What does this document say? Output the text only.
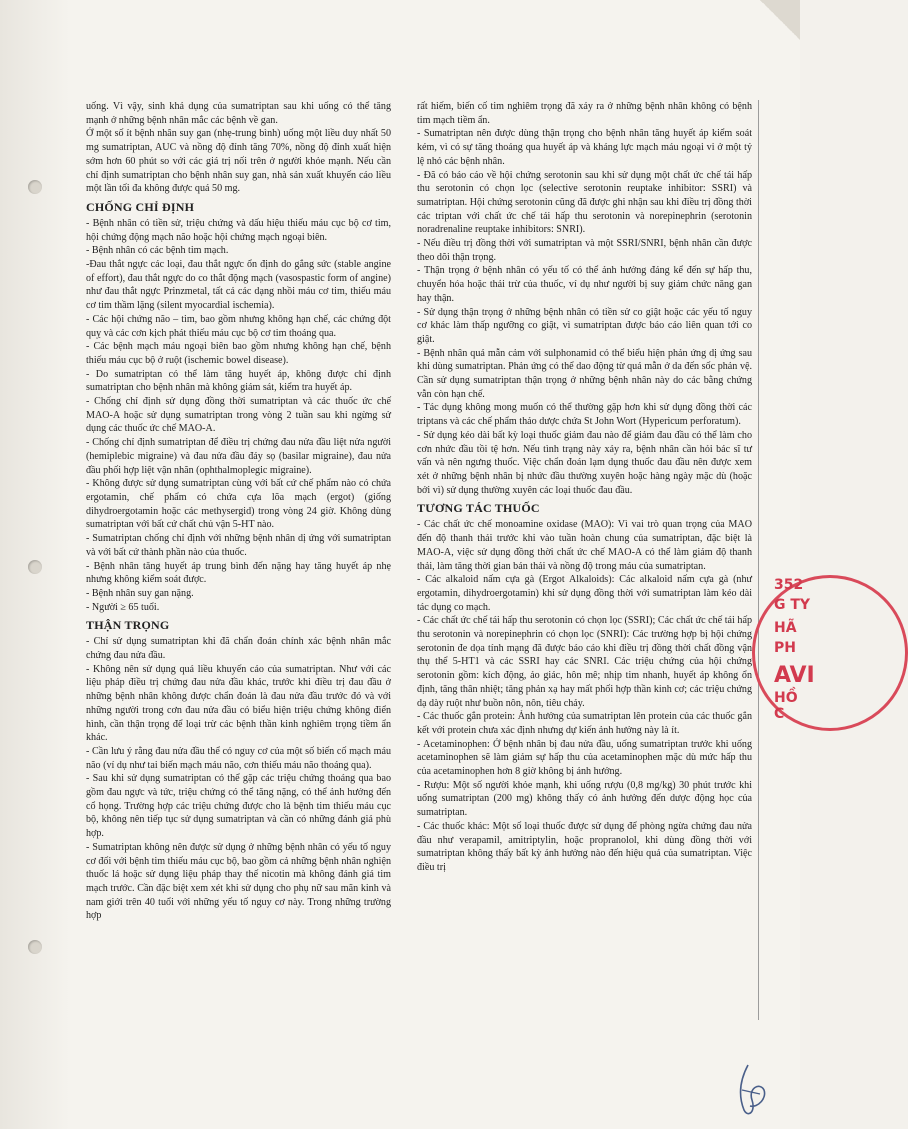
uống. Vì vậy, sinh khả dụng của sumatriptan sau khi uống có thể tăng mạnh ở những bệnh nhân mắc các bệnh về gan.

Ở một số ít bệnh nhân suy gan (nhẹ-trung bình) uống một liều duy nhất 50 mg sumatriptan, AUC và nồng độ đỉnh tăng 70%, nồng độ đỉnh xuất hiện sớm hơn 60 phút so với các giá trị nối trên ở người khỏe mạnh. Nếu cần chỉ định sumatriptan cho bệnh nhân suy gan, nhà sản xuất khuyến cáo liều một lần tối đa không được quá 50 mg.

CHỐNG CHỈ ĐỊNH

- Bệnh nhân có tiền sử, triệu chứng và dấu hiệu thiếu máu cục bộ cơ tim, hội chứng động mạch não hoặc hội chứng mạch ngoại biên.

- Bệnh nhân có các bệnh tim mạch.

-Đau thắt ngực các loại, đau thắt ngực ổn định do gắng sức (stable angine of effort), đau thắt ngực do co thắt động mạch (vasospastic form of angine) như đau thắt ngực Prinzmetal, tất cả các dạng nhồi máu cơ tim, thiếu máu cơ tim thầm lặng (silent myocardial ischemia).

- Các hội chứng não – tim, bao gồm nhưng không hạn chế, các chứng đột quỵ và các cơn kịch phát thiếu máu cục bộ cơ tim thoáng qua.

- Các bệnh mạch máu ngoại biên bao gồm nhưng không hạn chế, bệnh thiếu máu cục bộ ở ruột (ischemic bowel disease).

- Do sumatriptan có thể làm tăng huyết áp, không được chỉ định sumatriptan cho bệnh nhân mà không giám sát, kiểm tra huyết áp.

- Chống chỉ định sử dụng đồng thời sumatriptan và các thuốc ức chế MAO-A hoặc sử dụng sumatriptan trong vòng 2 tuần sau khi ngừng sử dụng các thuốc ức chế MAO-A.

- Chống chỉ định sumatriptan để điều trị chứng đau nửa đầu liệt nửa người (hemiplebic migraine) và đau nửa đầu đáy sọ (basilar migraine), đau nửa đầu phối hợp liệt vận nhãn (ophthalmoplegic migraine).

- Không được sử dụng sumatriptan cùng với bất cứ chế phẩm nào có chứa ergotamin, chế phẩm có chứa cựa lõa mạch (ergot) (giống dihydroergotamin hoặc các methysergid) trong vòng 24 giờ. Không dùng sumatriptan với bất cứ chất chủ vận 5-HT nào.

- Sumatriptan chống chỉ định với những bệnh nhân dị ứng với sumatriptan và với bất cứ thành phần nào của thuốc.

- Bệnh nhân tăng huyết áp trung bình đến nặng hay tăng huyết áp nhẹ nhưng không kiểm soát được.

- Bệnh nhân suy gan nặng.

- Người ≥ 65 tuổi.

THẬN TRỌNG

- Chỉ sử dụng sumatriptan khi đã chẩn đoán chính xác bệnh nhân mắc chứng đau nửa đầu.

- Không nên sử dụng quá liều khuyến cáo của sumatriptan. Như với các liệu pháp điều trị chứng đau nửa đầu khác, trước khi điều trị đau đầu ở những bệnh nhân không được chẩn đoán là đau nửa đầu trước đó và với những người trong cơn đau nửa đầu có biểu hiện triệu chứng không điển hình, cần thận trọng để loại trừ các bệnh thần kinh nghiêm trọng tiềm ẩn khác.

- Cần lưu ý rằng đau nửa đầu thể có nguy cơ của một số biến cố mạch máu não (ví dụ như tai biến mạch máu não, cơn thiếu máu não thoáng qua).

- Sau khi sử dụng sumatriptan có thể gặp các triệu chứng thoáng qua bao gồm đau ngực và tức, triệu chứng có thể tăng nặng, có thể ảnh hưởng đến cổ họng. Trường hợp các triệu chứng được cho là bệnh tim thiếu máu cục bộ, không nên tiếp tục sử dụng sumatriptan và cần có những đánh giá phù hợp.

- Sumatriptan không nên được sử dụng ở những bệnh nhân có yếu tố nguy cơ đối với bệnh tim thiếu máu cục bộ, bao gồm cả những bệnh nhân nghiện thuốc lá hoặc sử dụng liệu pháp thay thế nicotin mà không đánh giá tim mạch trước. Cần đặc biệt xem xét khi sử dụng cho phụ nữ sau mãn kinh và nam giới trên 40 tuổi với những yếu tố nguy cơ này. Trong những trường hợp

rất hiếm, biến cố tim nghiêm trọng đã xảy ra ở những bệnh nhân không có bệnh tim mạch tiềm ẩn.

- Sumatriptan nên được dùng thận trọng cho bệnh nhân tăng huyết áp kiểm soát kém, vì có sự tăng thoáng qua huyết áp và kháng lực mạch máu ngoại vi ở một tỷ lệ nhỏ các bệnh nhân.

- Đã có báo cáo về hội chứng serotonin sau khi sử dụng một chất ức chế tái hấp thu serotonin có chọn lọc (selective serotonin reuptake inhibitor: SSRI) và sumatriptan. Hội chứng serotonin cũng đã được ghi nhận sau khi điều trị đồng thời các triptan với chất ức chế tái hấp thu serotonin và norepinephrin (serotonin noradrenaline reuptake inhibitors: SNRI).

- Nếu điều trị đồng thời với sumatriptan và một SSRI/SNRI, bệnh nhân cần được theo dõi thận trọng.

- Thận trọng ở bệnh nhân có yếu tố có thể ảnh hưởng đáng kể đến sự hấp thu, chuyển hóa hoặc thải trừ của thuốc, ví dụ như người bị suy giảm chức năng gan hay thận.

- Sử dụng thận trọng ở những bệnh nhân có tiền sử co giật hoặc các yếu tố nguy cơ khác làm thấp ngưỡng co giật, vì sumatriptan được báo cáo liên quan tới co giật.

- Bệnh nhân quá mẫn cảm với sulphonamid có thể biểu hiện phản ứng dị ứng sau khi dùng sumatriptan. Phản ứng có thể dao động từ quá mẫn ở da đến sốc phản vệ. Cần sử dụng sumatriptan thận trọng ở những bệnh nhân này do các bằng chứng vẫn còn hạn chế.

- Tác dụng không mong muốn có thể thường gặp hơn khi sử dụng đồng thời các triptans và các chế phẩm thảo dược chứa St John Wort (Hypericum perforatum).

- Sử dụng kéo dài bất kỳ loại thuốc giảm đau nào để giảm đau đầu có thể làm cho cơn nhức đầu tồi tệ hơn. Nếu tình trạng này xảy ra, bệnh nhân cần hỏi bác sĩ tư vấn và nên ngưng thuốc. Việc chẩn đoán lạm dụng thuốc đau đầu nên được xem xét ở những bệnh nhân bị nhức đầu thường xuyên hoặc hàng ngày mặc dù (hoặc bởi vì) sử dụng thường xuyên các loại thuốc đau đầu.

TƯƠNG TÁC THUỐC

- Các chất ức chế monoamine oxidase (MAO): Vì vai trò quan trọng của MAO đến độ thanh thải trước khi vào tuần hoàn chung của sumatriptan, đặc biệt là MAO-A, việc sử dụng đồng thời chất ức chế MAO-A có thể làm giảm độ thanh thải, làm tăng thời gian bán thải và nồng độ trong máu của sumatriptan.

- Các alkaloid nấm cựa gà (Ergot Alkaloids): Các alkaloid nấm cựa gà (như ergotamin, dihydroergotamin) khi sử dụng đồng thời với sumatriptan làm kéo dài tác dụng co mạch.

- Các chất ức chế tái hấp thu serotonin có chọn lọc (SSRI); Các chất ức chế tái hấp thu serotonin và norepinephrin có chọn lọc (SNRI): Các trường hợp bị hội chứng serotonin đe dọa tính mạng đã được báo cáo khi điều trị đồng thời chất đồng vận thụ thể 5-HT1 và các SSRI hay các SNRI. Các triệu chứng của hội chứng serotonin gồm: kích động, ảo giác, hôn mê; nhịp tim nhanh, huyết áp không ổn định, tăng thân nhiệt; tăng phản xạ hay mất phối hợp thần kinh cơ; các triệu chứng dạ dày ruột như buồn nôn, nôn, tiêu chảy.

- Các thuốc gắn protein: Ảnh hưởng của sumatriptan lên protein của các thuốc gắn kết với protein chưa xác định nhưng dự kiến ảnh hưởng này là ít.

- Acetaminophen: Ở bệnh nhân bị đau nửa đầu, uống sumatriptan trước khi uống acetaminophen sẽ làm giảm sự hấp thu của acetaminophen mặc dù mức hấp thu của acetaminophen hơn 8 giờ không bị ảnh hưởng.

- Rượu: Một số người khỏe mạnh, khi uống rượu (0,8 mg/kg) 30 phút trước khi uống sumatriptan (200 mg) không thấy có ảnh hưởng đến dược động học của sumatriptan.

- Các thuốc khác: Một số loại thuốc được sử dụng để phòng ngừa chứng đau nửa đầu như verapamil, amitriptylin, hoặc propranolol, khi dùng đồng thời với sumatriptan không thấy bất kỳ ảnh hưởng nào đến hiệu quả của sumatriptan. Việc điều trị

352
G TY
HÃ
PH
AVI
HỒ C
